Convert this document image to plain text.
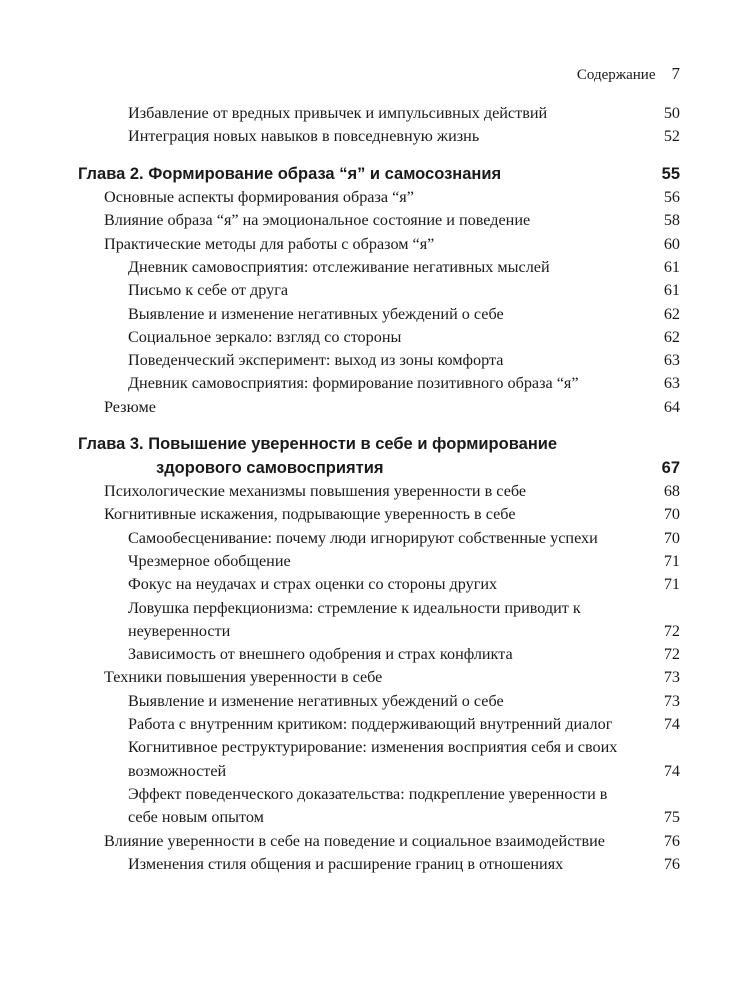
Содержание 7
Избавление от вредных привычек и импульсивных действий	50
Интеграция новых навыков в повседневную жизнь	52
Глава 2. Формирование образа “я” и самосознания	55
Основные аспекты формирования образа “я”	56
Влияние образа “я” на эмоциональное состояние и поведение	58
Практические методы для работы с образом “я”	60
Дневник самовосприятия: отслеживание негативных мыслей	61
Письмо к себе от друга	61
Выявление и изменение негативных убеждений о себе	62
Социальное зеркало: взгляд со стороны	62
Поведенческий эксперимент: выход из зоны комфорта	63
Дневник самовосприятия: формирование позитивного образа “я”	63
Резюме	64
Глава 3. Повышение уверенности в себе и формирование
здорового самовосприятия	67
Психологические механизмы повышения уверенности в себе	68
Когнитивные искажения, подрывающие уверенность в себе	70
Самообесценивание: почему люди игнорируют собственные успехи	70
Чрезмерное обобщение	71
Фокус на неудачах и страх оценки со стороны других	71
Ловушка перфекционизма: стремление к идеальности приводит к неуверенности	72
Зависимость от внешнего одобрения и страх конфликта	72
Техники повышения уверенности в себе	73
Выявление и изменение негативных убеждений о себе	73
Работа с внутренним критиком: поддерживающий внутренний диалог	74
Когнитивное реструктурирование: изменения восприятия себя и своих возможностей	74
Эффект поведенческого доказательства: подкрепление уверенности в себе новым опытом	75
Влияние уверенности в себе на поведение и социальное взаимодействие	76
Изменения стиля общения и расширение границ в отношениях	76
